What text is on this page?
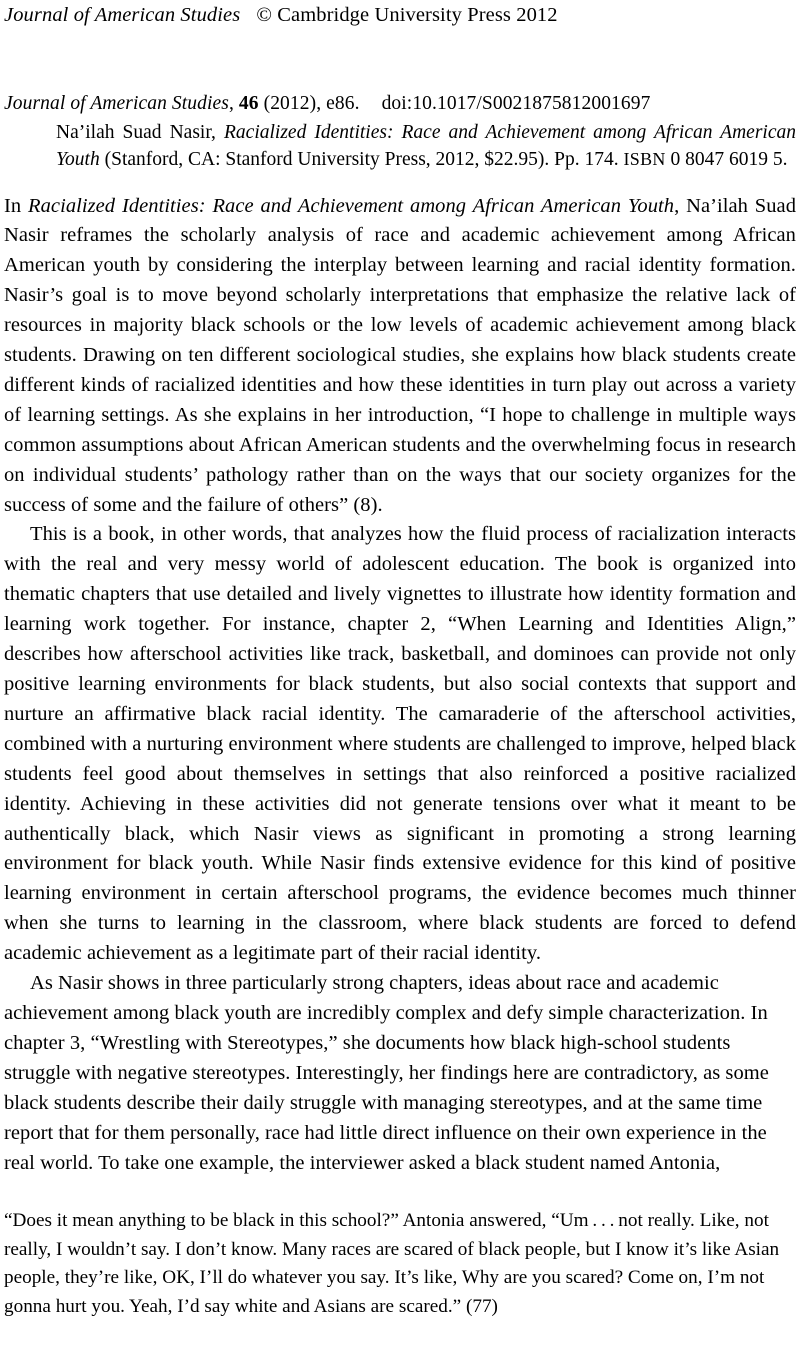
Journal of American Studies © Cambridge University Press 2012
Journal of American Studies, 46 (2012), e86. doi:10.1017/S0021875812001697
Na’ilah Suad Nasir, Racialized Identities: Race and Achievement among African American Youth (Stanford, CA: Stanford University Press, 2012, $22.95). Pp. 174. ISBN 0 8047 6019 5.

In Racialized Identities: Race and Achievement among African American Youth, Na’ilah Suad Nasir reframes the scholarly analysis of race and academic achievement among African American youth by considering the interplay between learning and racial identity formation. Nasir’s goal is to move beyond scholarly interpretations that emphasize the relative lack of resources in majority black schools or the low levels of academic achievement among black students. Drawing on ten different sociological studies, she explains how black students create different kinds of racialized identities and how these identities in turn play out across a variety of learning settings. As she explains in her introduction, “I hope to challenge in multiple ways common assumptions about African American students and the overwhelming focus in research on individual students’ pathology rather than on the ways that our society organizes for the success of some and the failure of others” (8).

This is a book, in other words, that analyzes how the fluid process of racialization interacts with the real and very messy world of adolescent education. The book is organized into thematic chapters that use detailed and lively vignettes to illustrate how identity formation and learning work together. For instance, chapter 2, “When Learning and Identities Align,” describes how afterschool activities like track, basketball, and dominoes can provide not only positive learning environments for black students, but also social contexts that support and nurture an affirmative black racial identity. The camaraderie of the afterschool activities, combined with a nurturing environment where students are challenged to improve, helped black students feel good about themselves in settings that also reinforced a positive racialized identity. Achieving in these activities did not generate tensions over what it meant to be authentically black, which Nasir views as significant in promoting a strong learning environment for black youth. While Nasir finds extensive evidence for this kind of positive learning environment in certain afterschool programs, the evidence becomes much thinner when she turns to learning in the classroom, where black students are forced to defend academic achievement as a legitimate part of their racial identity.

As Nasir shows in three particularly strong chapters, ideas about race and academic achievement among black youth are incredibly complex and defy simple characterization. In chapter 3, “Wrestling with Stereotypes,” she documents how black high-school students struggle with negative stereotypes. Interestingly, her findings here are contradictory, as some black students describe their daily struggle with managing stereotypes, and at the same time report that for them personally, race had little direct influence on their own experience in the real world. To take one example, the interviewer asked a black student named Antonia,

“Does it mean anything to be black in this school?” Antonia answered, “Um . . . not really. Like, not really, I wouldn’t say. I don’t know. Many races are scared of black people, but I know it’s like Asian people, they’re like, OK, I’ll do whatever you say. It’s like, Why are you scared? Come on, I’m not gonna hurt you. Yeah, I’d say white and Asians are scared.” (77)
